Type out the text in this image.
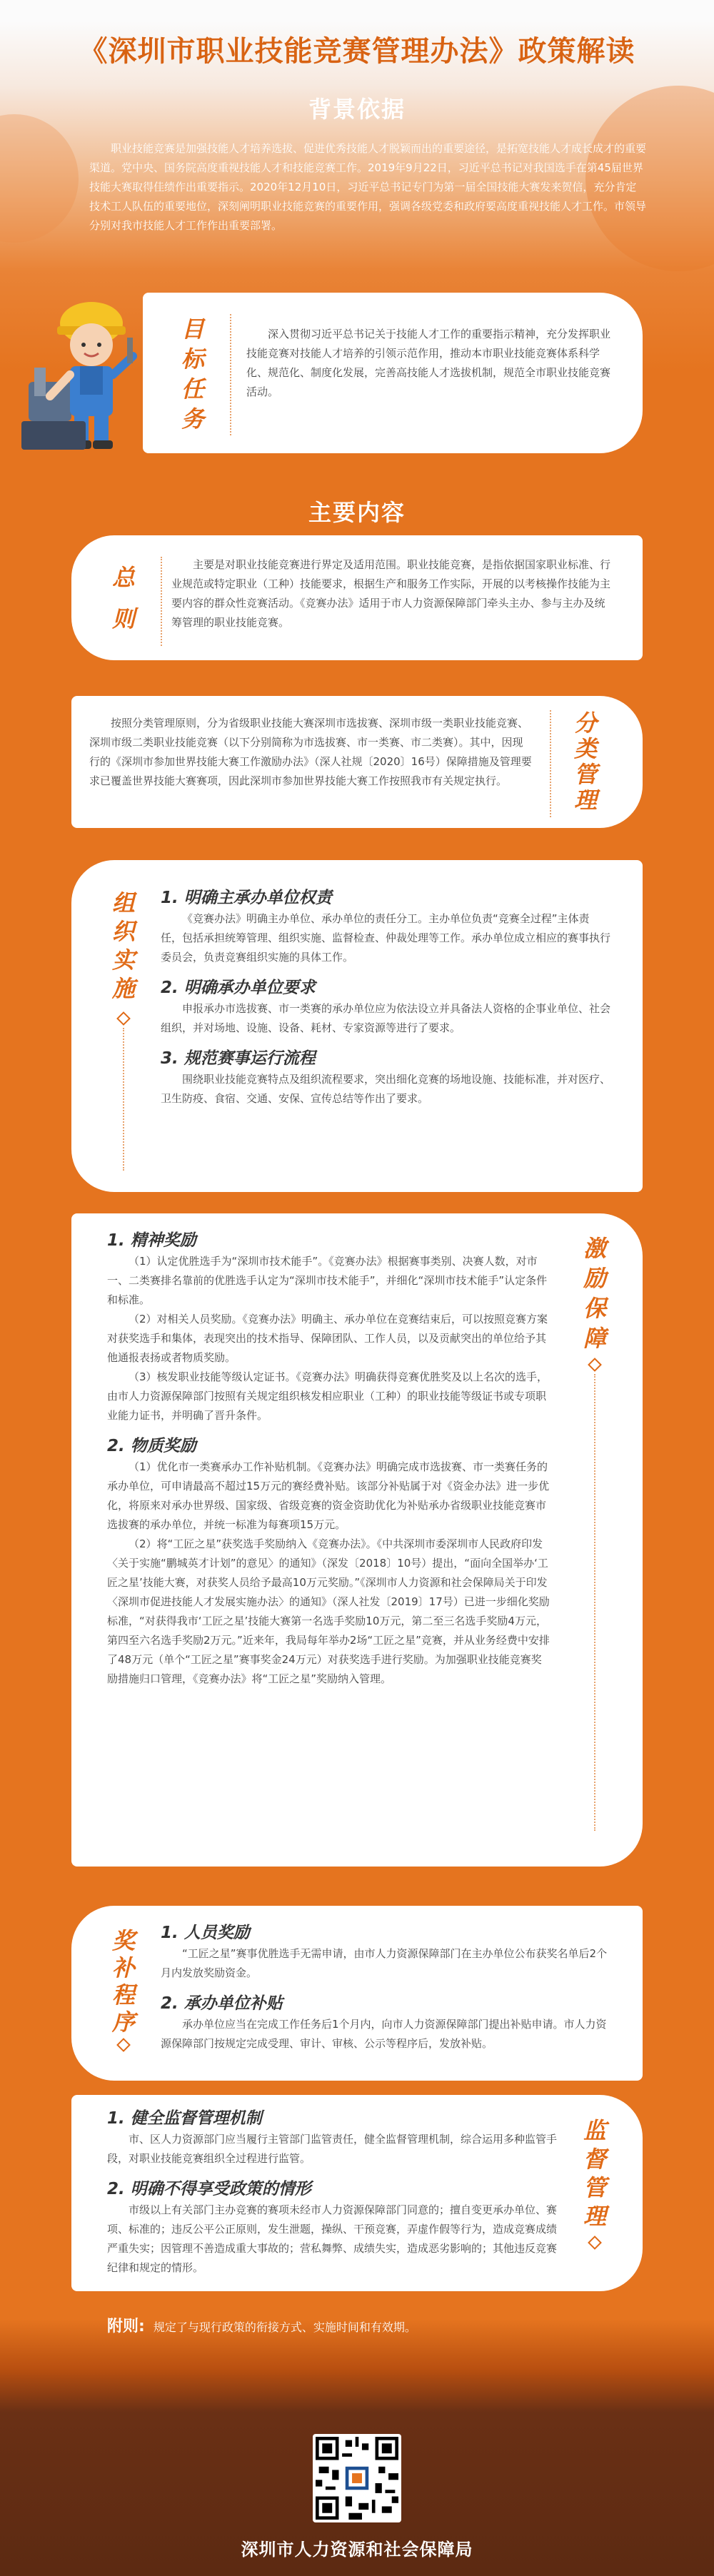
《深圳市职业技能竞赛管理办法》政策解读
背景依据
职业技能竞赛是加强技能人才培养选拔、促进优秀技能人才脱颖而出的重要途径，是拓宽技能人才成长成才的重要渠道。党中央、国务院高度重视技能人才和技能竞赛工作。2019年9月22日，习近平总书记对我国选手在第45届世界技能大赛取得佳绩作出重要指示。2020年12月10日，习近平总书记专门为第一届全国技能大赛发来贺信，充分肯定技术工人队伍的重要地位，深刻阐明职业技能竞赛的重要作用，强调各级党委和政府要高度重视技能人才工作。市领导分别对我市技能人才工作作出重要部署。
目
标
任
务

深入贯彻习近平总书记关于技能人才工作的重要指示精神，充分发挥职业技能竞赛对技能人才培养的引领示范作用，推动本市职业技能竞赛体系科学化、规范化、制度化发展，完善高技能人才选拔机制，规范全市职业技能竞赛活动。

主要内容
总
则

主要是对职业技能竞赛进行界定及适用范围。职业技能竞赛，是指依据国家职业标准、行业规范或特定职业（工种）技能要求，根据生产和服务工作实际，开展的以考核操作技能为主要内容的群众性竞赛活动。《竞赛办法》适用于市人力资源保障部门牵头主办、参与主办及统筹管理的职业技能竞赛。

按照分类管理原则，分为省级职业技能大赛深圳市选拔赛、深圳市级一类职业技能竞赛、深圳市级二类职业技能竞赛（以下分别简称为市选拔赛、市一类赛、市二类赛）。其中，因现行的《深圳市参加世界技能大赛工作激励办法》（深人社规〔2020〕16号）保障措施及管理要求已覆盖世界技能大赛赛项，因此深圳市参加世界技能大赛工作按照我市有关规定执行。

分
类
管
理
组
织
实
施
1. 明确主承办单位权责

《竞赛办法》明确主办单位、承办单位的责任分工。主办单位负责“竞赛全过程”主体责任，包括承担统筹管理、组织实施、监督检查、仲裁处理等工作。承办单位成立相应的赛事执行委员会，负责竞赛组织实施的具体工作。

2. 明确承办单位要求

申报承办市选拔赛、市一类赛的承办单位应为依法设立并具备法人资格的企事业单位、社会组织，并对场地、设施、设备、耗材、专家资源等进行了要求。

3. 规范赛事运行流程

围绕职业技能竞赛特点及组织流程要求，突出细化竞赛的场地设施、技能标准，并对医疗、卫生防疫、食宿、交通、安保、宣传总结等作出了要求。

1. 精神奖励

（1）认定优胜选手为“深圳市技术能手”。《竞赛办法》根据赛事类别、决赛人数，对市一、二类赛排名靠前的优胜选手认定为“深圳市技术能手”，并细化“深圳市技术能手”认定条件和标准。

（2）对相关人员奖励。《竞赛办法》明确主、承办单位在竞赛结束后，可以按照竞赛方案对获奖选手和集体，表现突出的技术指导、保障团队、工作人员，以及贡献突出的单位给予其他通报表扬或者物质奖励。

（3）核发职业技能等级认定证书。《竞赛办法》明确获得竞赛优胜奖及以上名次的选手，由市人力资源保障部门按照有关规定组织核发相应职业（工种）的职业技能等级证书或专项职业能力证书，并明确了晋升条件。

2. 物质奖励

（1）优化市一类赛承办工作补贴机制。《竞赛办法》明确完成市选拔赛、市一类赛任务的承办单位，可申请最高不超过15万元的赛经费补贴。该部分补贴属于对《资金办法》进一步优化，将原来对承办世界级、国家级、省级竞赛的资金资助优化为补贴承办省级职业技能竞赛市选拔赛的承办单位，并统一标准为每赛项15万元。

（2）将“工匠之星”获奖选手奖励纳入《竞赛办法》。《中共深圳市委深圳市人民政府印发〈关于实施“鹏城英才计划”的意见〉的通知》（深发〔2018〕10号）提出，“面向全国举办‘工匠之星’技能大赛，对获奖人员给予最高10万元奖励。”《深圳市人力资源和社会保障局关于印发〈深圳市促进技能人才发展实施办法〉的通知》（深人社发〔2019〕17号）已进一步细化奖励标准，“对获得我市‘工匠之星’技能大赛第一名选手奖励10万元，第二至三名选手奖励4万元，第四至六名选手奖励2万元。”近来年，我局每年举办2场“工匠之星”竞赛，并从业务经费中安排了48万元（单个“工匠之星”赛事奖金24万元）对获奖选手进行奖励。为加强职业技能竞赛奖励措施归口管理，《竞赛办法》将“工匠之星”奖励纳入管理。

激
励
保
障
奖
补
程
序
1. 人员奖励

“工匠之星”赛事优胜选手无需申请，由市人力资源保障部门在主办单位公布获奖名单后2个月内发放奖励资金。

2. 承办单位补贴

承办单位应当在完成工作任务后1个月内，向市人力资源保障部门提出补贴申请。市人力资源保障部门按规定完成受理、审计、审核、公示等程序后，发放补贴。

1. 健全监督管理机制

市、区人力资源部门应当履行主管部门监管责任，健全监督管理机制，综合运用多种监管手段，对职业技能竞赛组织全过程进行监管。

2. 明确不得享受政策的情形

市级以上有关部门主办竞赛的赛项未经市人力资源保障部门同意的；擅自变更承办单位、赛项、标准的；违反公平公正原则，发生泄题，操纵、干预竞赛，弄虚作假等行为，造成竞赛成绩严重失实；因管理不善造成重大事故的；营私舞弊、成绩失实，造成恶劣影响的；其他违反竞赛纪律和规定的情形。

监
督
管
理
附则: 规定了与现行政策的衔接方式、实施时间和有效期。
深圳市人力资源和社会保障局
